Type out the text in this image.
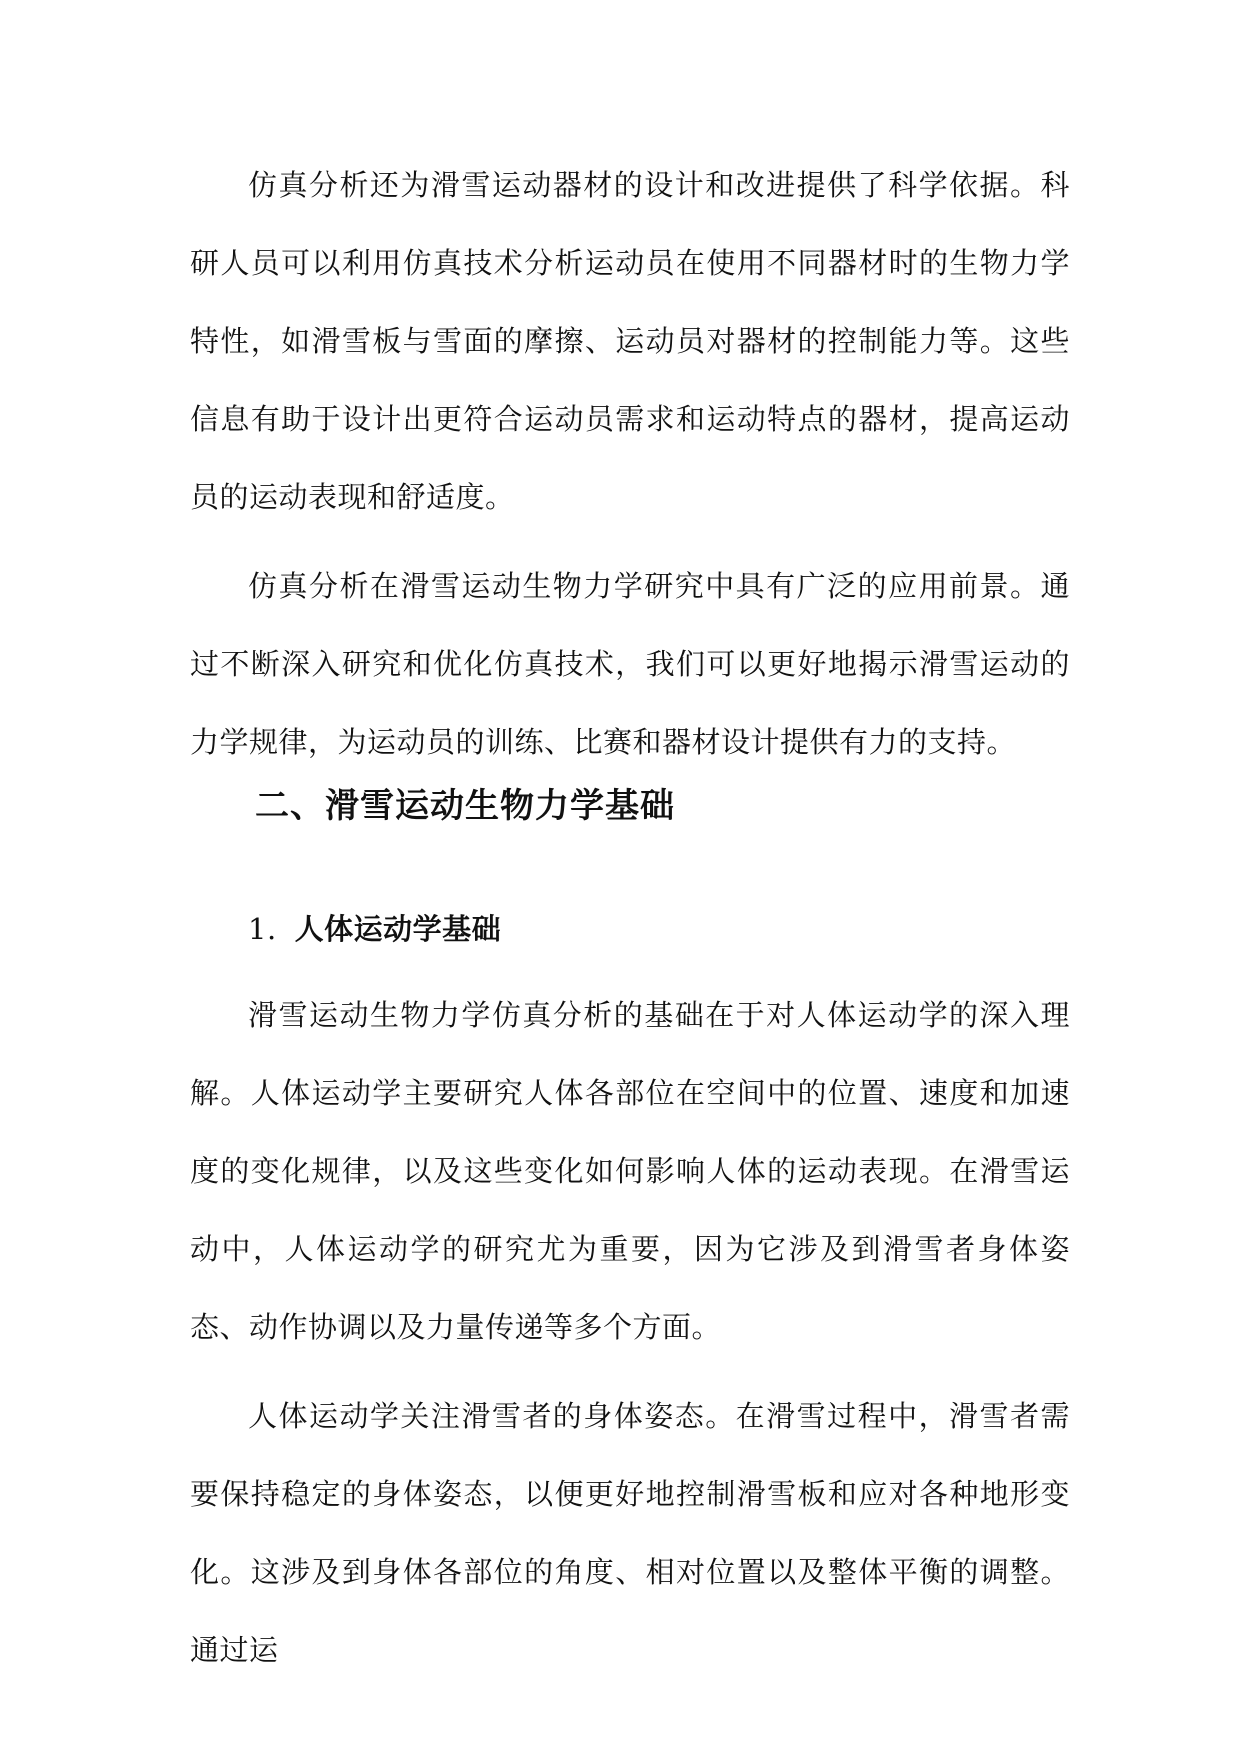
仿真分析还为滑雪运动器材的设计和改进提供了科学依据。科研人员可以利用仿真技术分析运动员在使用不同器材时的生物力学特性，如滑雪板与雪面的摩擦、运动员对器材的控制能力等。这些信息有助于设计出更符合运动员需求和运动特点的器材，提高运动员的运动表现和舒适度。

仿真分析在滑雪运动生物力学研究中具有广泛的应用前景。通过不断深入研究和优化仿真技术，我们可以更好地揭示滑雪运动的力学规律，为运动员的训练、比赛和器材设计提供有力的支持。

二、滑雪运动生物力学基础
1. 人体运动学基础

滑雪运动生物力学仿真分析的基础在于对人体运动学的深入理解。人体运动学主要研究人体各部位在空间中的位置、速度和加速度的变化规律，以及这些变化如何影响人体的运动表现。在滑雪运动中，人体运动学的研究尤为重要，因为它涉及到滑雪者身体姿态、动作协调以及力量传递等多个方面。

人体运动学关注滑雪者的身体姿态。在滑雪过程中，滑雪者需要保持稳定的身体姿态，以便更好地控制滑雪板和应对各种地形变化。这涉及到身体各部位的角度、相对位置以及整体平衡的调整。通过运
